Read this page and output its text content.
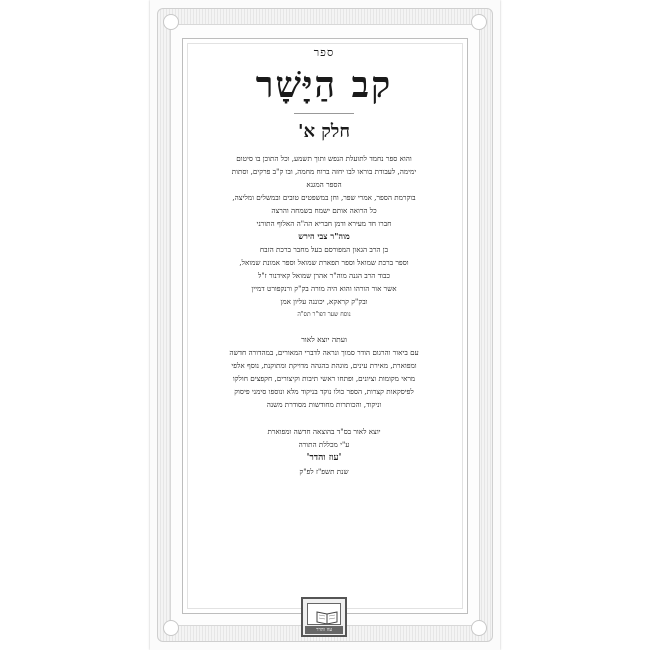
ספר
קב הַיָּשָׁר
חלק א'
והוא ספר נחמד לתועלת הנפש ותוך תשמע, וכל התוכן בו סיטום
ימימה, לעבודת בוראו לבו יחזה ברוח מחמה, ובו ק"ב פרקים, וסתות
הספר המגנא
בוקרמת הספר, אמרי שפר, וחן במשפטים טובים ובמשלים ומליצה,
כל הרואה אותם ישמח בשמחה והרצה
חברו חד מעירא ודמן חבריא הה"ה האלוף התורני
מוה"ר צבי הירש
בן הרב הגאון המפורסם בעל מחבר ברכת הזבח
וספר ברכת שמואל וספר תפארת שמואל וספר אמונת שמואל,
כבוד הרב הגנה מוה"ר אהרן שמואל קאידנור ז"ל
אשר אור הורהו והוא היה מורה בק"ק ורנקפורט דמיין
ובק"ק קראקא, יכוננה עליון אמן
נוסח שער דפו"ר תס"ה
ועתה יוצא לאור
עם ביאור והרגום הודר סמוך ונראה לדברי המאורים, במהדורה חדשה
ומפוארת, מאירת עינים, מוגהת בהגהה מדויקת ומתוקנת, נוסף אלפי
מראי מקומות וציונים, ופתחו ראשי תיבות וקיצורים, חקפצים חולקו
לפיסקאות קצרות, הספר כולו נוקד בניקוד מלא ונוספו סימני פיסוק
וניקוד, והכותרות מחודשות מסודרת משנה
יוצא לאור בס"ד בהוצאה חדשה ומפוארת
ע"י מכללת התורה
'עוז והדר'
שנת תשפ"ז לפ"ק
עוז והדר
